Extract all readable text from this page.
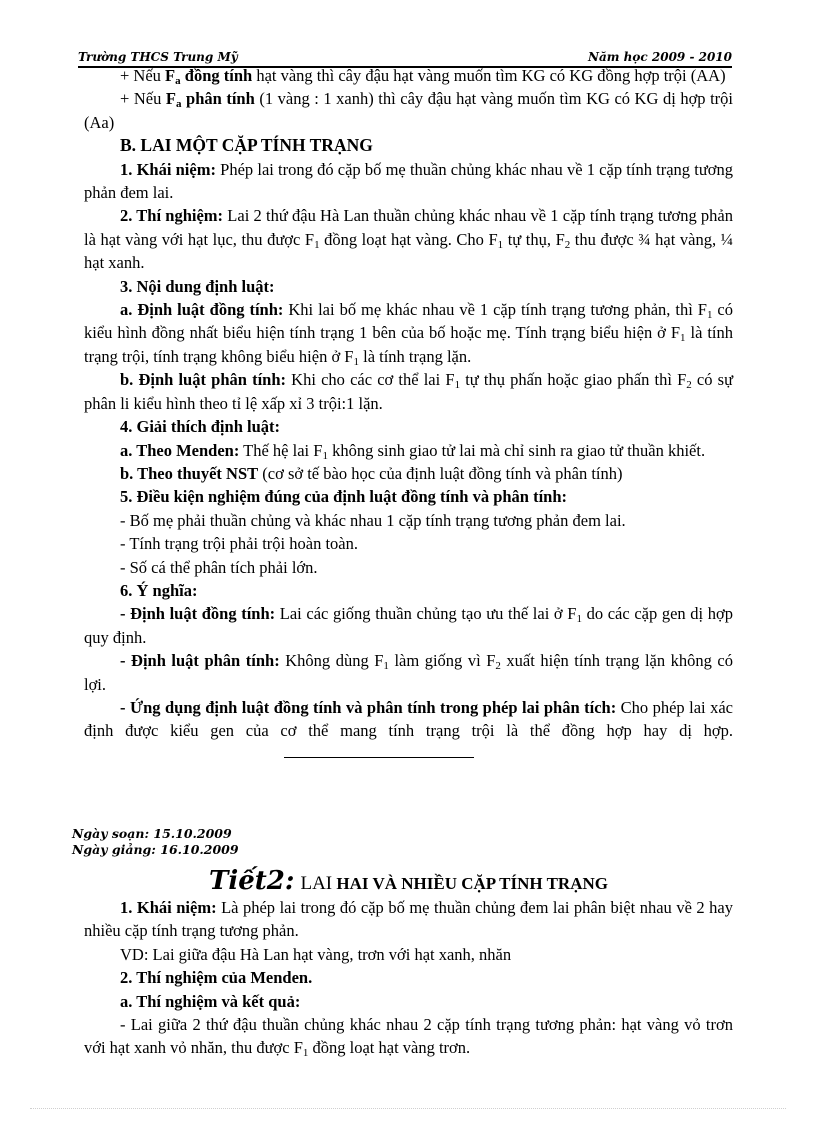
Trường THCS Trung Mỹ	Năm học 2009 - 2010

+ Nếu $F_a$ đồng tính hạt vàng thì cây đậu hạt vàng muốn tìm KG có KG đồng hợp trội (AA)

+ Nếu $F_a$ phân tính (1 vàng : 1 xanh) thì cây đậu hạt vàng muốn tìm KG có KG dị hợp trội (Aa)

B. LAI MỘT CẶP TÍNH TRẠNG

1. Khái niệm: Phép lai trong đó cặp bố mẹ thuần chủng khác nhau về 1 cặp tính trạng tương phản đem lai.

2. Thí nghiệm: Lai 2 thứ đậu Hà Lan thuần chủng khác nhau về 1 cặp tính trạng tương phản là hạt vàng với hạt lục, thu được $F_1$ đồng loạt hạt vàng. Cho $F_1$ tự thụ, $F_2$ thu được ¾ hạt vàng, ¼ hạt xanh.

3. Nội dung định luật:

a. Định luật đồng tính: Khi lai bố mẹ khác nhau về 1 cặp tính trạng tương phản, thì $F_1$ có kiểu hình đồng nhất biểu hiện tính trạng 1 bên của bố hoặc mẹ. Tính trạng biểu hiện ở $F_1$ là tính trạng trội, tính trạng không biểu hiện ở $F_1$ là tính trạng lặn.

b. Định luật phân tính: Khi cho các cơ thể lai $F_1$ tự thụ phấn hoặc giao phấn thì $F_2$ có sự phân li kiểu hình theo tỉ lệ xấp xỉ 3 trội:1 lặn.

4. Giải thích định luật:

a. Theo Menden: Thế hệ lai $F_1$ không sinh giao tử lai mà chỉ sinh ra giao tử thuần khiết.

b. Theo thuyết NST (cơ sở tế bào học của định luật đồng tính và phân tính)

5. Điều kiện nghiệm đúng của định luật đồng tính và phân tính:

- Bố mẹ phải thuần chủng và khác nhau 1 cặp tính trạng tương phản đem lai.

- Tính trạng trội phải trội hoàn toàn.

- Số cá thể phân tích phải lớn.

6. Ý nghĩa:

- Định luật đồng tính: Lai các giống thuần chủng tạo ưu thế lai ở $F_1$ do các cặp gen dị hợp quy định.

- Định luật phân tính: Không dùng $F_1$ làm giống vì $F_2$ xuất hiện tính trạng lặn không có lợi.

- Ứng dụng định luật đồng tính và phân tính trong phép lai phân tích: Cho phép lai xác định được kiểu gen của cơ thể mang tính trạng trội là thể đồng hợp hay dị hợp.

Ngày soạn: 15.10.2009
Ngày giảng: 16.10.2009
Tiết2: LAI HAI VÀ NHIỀU CẶP TÍNH TRẠNG

1. Khái niệm: Là phép lai trong đó cặp bố mẹ thuần chủng đem lai phân biệt nhau về 2 hay nhiều cặp tính trạng tương phản.

VD: Lai giữa đậu Hà Lan hạt vàng, trơn với hạt xanh, nhăn

2. Thí nghiệm của Menden.

a. Thí nghiệm và kết quả:

- Lai giữa 2 thứ đậu thuần chủng khác nhau 2 cặp tính trạng tương phản: hạt vàng vỏ trơn với hạt xanh vỏ nhăn, thu được $F_1$ đồng loạt hạt vàng trơn.
